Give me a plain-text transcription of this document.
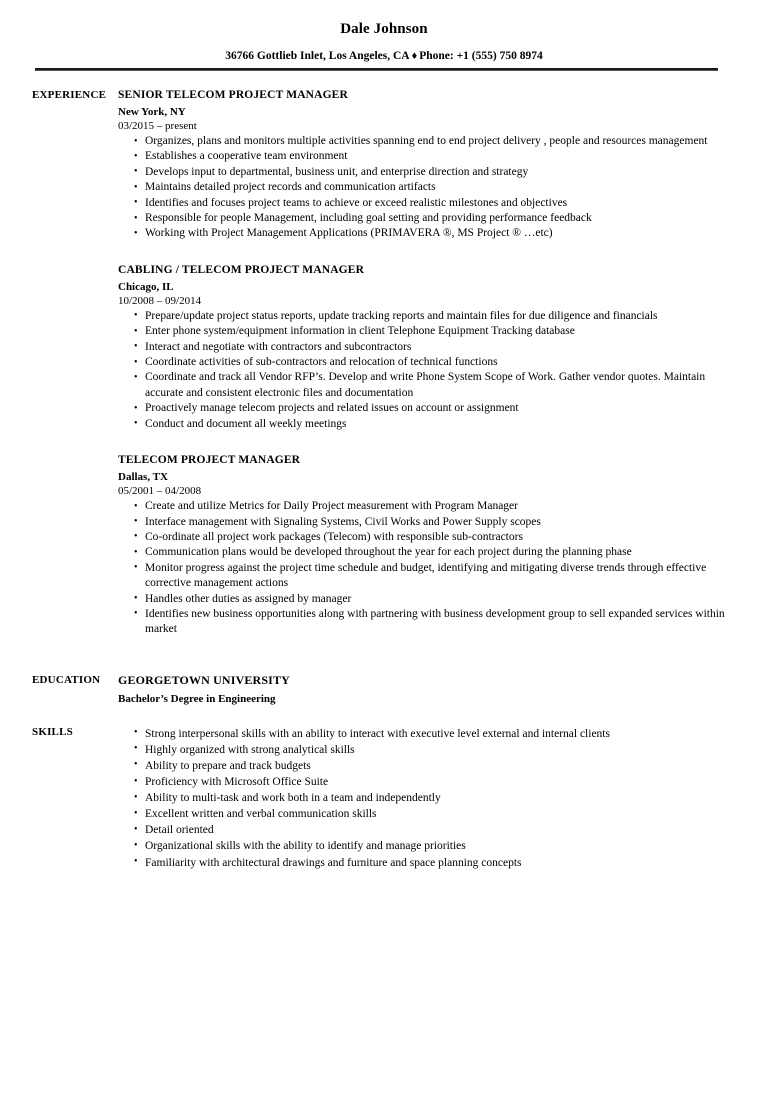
Dale Johnson
36766 Gottlieb Inlet, Los Angeles, CA ♦ Phone: +1 (555) 750 8974
EXPERIENCE	SENIOR TELECOM PROJECT MANAGER
New York, NY
03/2015 – present
• Organizes, plans and monitors multiple activities spanning end to end project delivery , people and resources management
• Establishes a cooperative team environment
• Develops input to departmental, business unit, and enterprise direction and strategy
• Maintains detailed project records and communication artifacts
• Identifies and focuses project teams to achieve or exceed realistic milestones and objectives
• Responsible for people Management, including goal setting and providing performance feedback
• Working with Project Management Applications (PRIMAVERA ®, MS Project ® …etc)
CABLING / TELECOM PROJECT MANAGER
Chicago, IL
10/2008 – 09/2014
• Prepare/update project status reports, update tracking reports and maintain files for due diligence and financials
• Enter phone system/equipment information in client Telephone Equipment Tracking database
• Interact and negotiate with contractors and subcontractors
• Coordinate activities of sub-contractors and relocation of technical functions
• Coordinate and track all Vendor RFP’s. Develop and write Phone System Scope of Work. Gather vendor quotes. Maintain accurate and consistent electronic files and documentation
• Proactively manage telecom projects and related issues on account or assignment
• Conduct and document all weekly meetings
TELECOM PROJECT MANAGER
Dallas, TX
05/2001 – 04/2008
• Create and utilize Metrics for Daily Project measurement with Program Manager
• Interface management with Signaling Systems, Civil Works and Power Supply scopes
• Co-ordinate all project work packages (Telecom) with responsible sub-contractors
• Communication plans would be developed throughout the year for each project during the planning phase
• Monitor progress against the project time schedule and budget, identifying and mitigating diverse trends through effective corrective management actions
• Handles other duties as assigned by manager
• Identifies new business opportunities along with partnering with business development group to sell expanded services within market
EDUCATION	GEORGETOWN UNIVERSITY
Bachelor’s Degree in Engineering
SKILLS	• Strong interpersonal skills with an ability to interact with executive level external and internal clients
• Highly organized with strong analytical skills
• Ability to prepare and track budgets
• Proficiency with Microsoft Office Suite
• Ability to multi-task and work both in a team and independently
• Excellent written and verbal communication skills
• Detail oriented
• Organizational skills with the ability to identify and manage priorities
• Familiarity with architectural drawings and furniture and space planning concepts
